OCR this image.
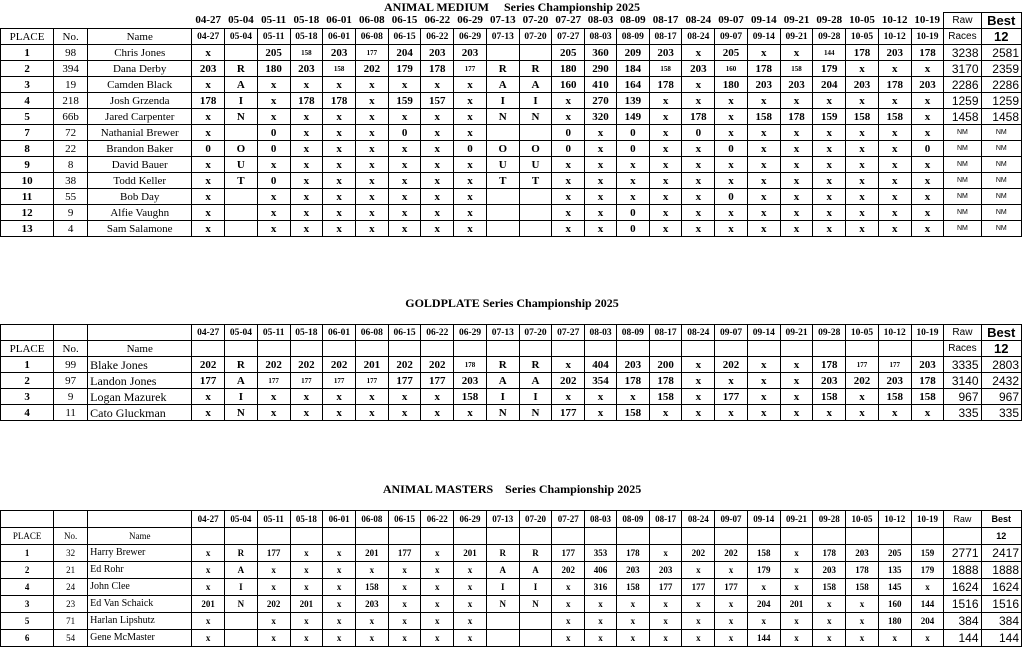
ANIMAL MEDIUM     Series Championship 2025
			04-27	05-04	05-11	05-18	06-01	06-08	06-15	06-22	06-29	07-13	07-20	07-27	08-03	08-09	08-17	08-24	09-07	09-14	09-21	09-28	10-05	10-12	10-19	Raw	Best
PLACE	No.	Name	04-27	05-04	05-11	05-18	06-01	06-08	06-15	06-22	06-29	07-13	07-20	07-27	08-03	08-09	08-17	08-24	09-07	09-14	09-21	09-28	10-05	10-12	10-19	Races	12
1	98	Chris Jones	x		205	158	203	177	204	203	203			205	360	209	203	x	205	x	x	144	178	203	178	3238	2581
2	394	Dana Derby	203	R	180	203	158	202	179	178	177	R	R	180	290	184	158	203	160	178	158	179	x	x	x	3170	2359
3	19	Camden Black	x	A	x	x	x	x	x	x	x	A	A	160	410	164	178	x	180	203	203	204	203	178	203	2286	2286
4	218	Josh Grzenda	178	I	x	178	178	x	159	157	x	I	I	x	270	139	x	x	x	x	x	x	x	x	x	1259	1259
5	66b	Jared Carpenter	x	N	x	x	x	x	x	x	x	N	N	x	320	149	x	178	x	158	178	159	158	158	x	1458	1458
7	72	Nathanial Brewer	x		0	x	x	x	0	x	x			0	x	0	x	0	x	x	x	x	x	x	x	NM	NM
8	22	Brandon Baker	0	O	0	x	x	x	x	x	0	O	O	0	x	0	x	x	0	x	x	x	x	x	0	NM	NM
9	8	David Bauer	x	U	x	x	x	x	x	x	x	U	U	x	x	x	x	x	x	x	x	x	x	x	x	NM	NM
10	38	Todd Keller	x	T	0	x	x	x	x	x	x	T	T	x	x	x	x	x	x	x	x	x	x	x	x	NM	NM
11	55	Bob Day	x		x	x	x	x	x	x	x			x	x	x	x	x	0	x	x	x	x	x	x	NM	NM
12	9	Alfie Vaughn	x		x	x	x	x	x	x	x			x	x	0	x	x	x	x	x	x	x	x	x	NM	NM
13	4	Sam Salamone	x		x	x	x	x	x	x	x			x	x	0	x	x	x	x	x	x	x	x	x	NM	NM
GOLDPLATE Series Championship 2025
			04-27	05-04	05-11	05-18	06-01	06-08	06-15	06-22	06-29	07-13	07-20	07-27	08-03	08-09	08-17	08-24	09-07	09-14	09-21	09-28	10-05	10-12	10-19	Raw	Best
PLACE	No.	Name																								Races	12
1	99	Blake Jones	202	R	202	202	202	201	202	202	178	R	R	x	404	203	200	x	202	x	x	178	177	177	203	3335	2803
2	97	Landon Jones	177	A	177	177	177	177	177	177	203	A	A	202	354	178	178	x	x	x	x	203	202	203	178	3140	2432
3	9	Logan Mazurek	x	I	x	x	x	x	x	x	158	I	I	x	x	x	158	x	177	x	x	158	x	158	158	967	967
4	11	Cato Gluckman	x	N	x	x	x	x	x	x	x	N	N	177	x	158	x	x	x	x	x	x	x	x	x	335	335
ANIMAL MASTERS    Series Championship 2025
			04-27	05-04	05-11	05-18	06-01	06-08	06-15	06-22	06-29	07-13	07-20	07-27	08-03	08-09	08-17	08-24	09-07	09-14	09-21	09-28	10-05	10-12	10-19	Raw	Best
PLACE	No.	Name																									12
1	32	Harry Brewer	x	R	177	x	x	201	177	x	201	R	R	177	353	178	x	202	202	158	x	178	203	205	159	2771	2417
2	21	Ed Rohr	x	A	x	x	x	x	x	x	x	A	A	202	406	203	203	x	x	179	x	203	178	135	179	1888	1888
4	24	John Clee	x	I	x	x	x	158	x	x	x	I	I	x	316	158	177	177	177	x	x	158	158	145	x	1624	1624
3	23	Ed Van Schaick	201	N	202	201	x	203	x	x	x	N	N	x	x	x	x	x	x	204	201	x	x	160	144	1516	1516
5	71	Harlan Lipshutz	x		x	x	x	x	x	x	x			x	x	x	x	x	x	x	x	x	x	180	204	384	384
6	54	Gene McMaster	x		x	x	x	x	x	x	x			x	x	x	x	x	x	144	x	x	x	x	x	144	144
